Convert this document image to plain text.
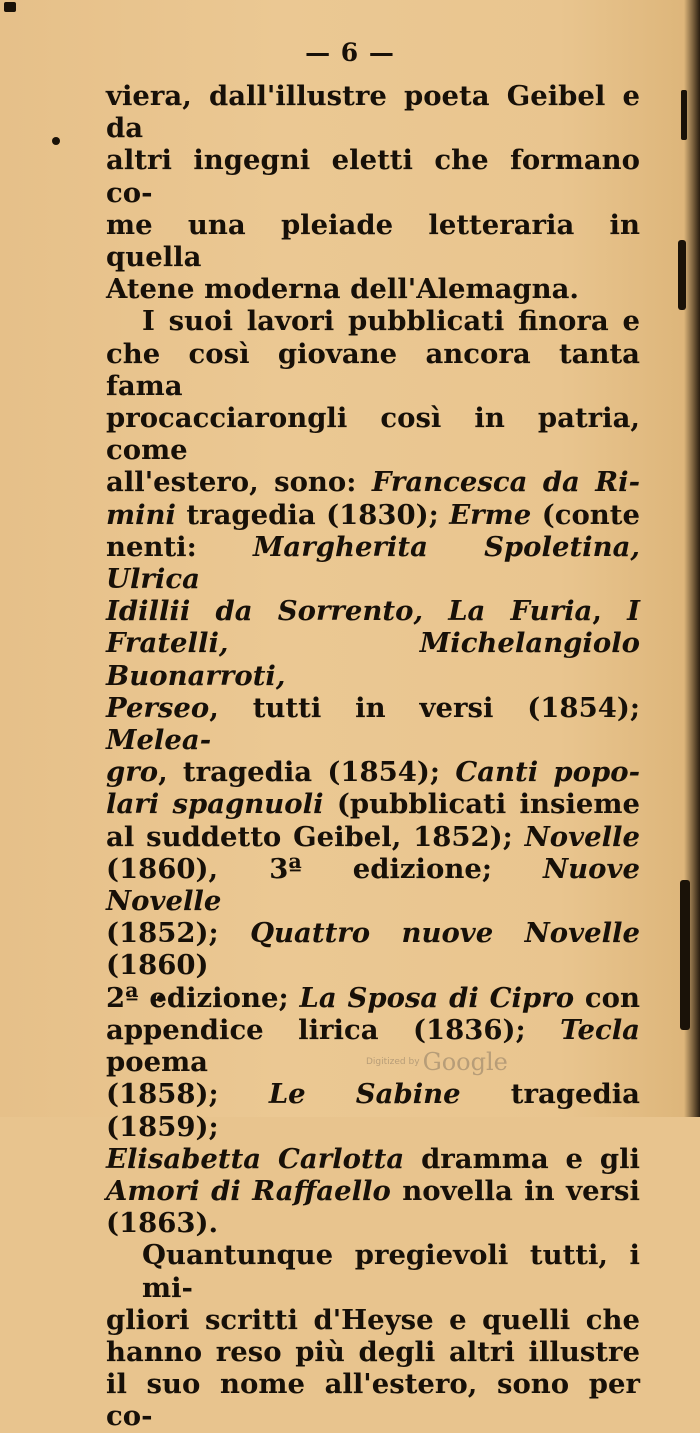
— 6 —
viera, dall'illustre poeta Geibel e da
altri ingegni eletti che formano co-
me una pleiade letteraria in quella
Atene moderna dell'Alemagna.
I suoi lavori pubblicati finora e
che così giovane ancora tanta fama
procacciarongli così in patria, come
all'estero, sono: Francesca da Ri-
mini tragedia (1830); Erme (conte
nenti: Margherita Spoletina, Ulrica
Idillii da Sorrento, La Furia, I
Fratelli, Michelangiolo Buonarroti,
Perseo, tutti in versi (1854); Melea-
gro, tragedia (1854); Canti popo-
lari spagnuoli (pubblicati insieme
al suddetto Geibel, 1852); Novelle
(1860), 3ª edizione; Nuove Novelle
(1852); Quattro nuove Novelle (1860)
2ª edizione; La Sposa di Cipro con
appendice lirica (1836); Tecla poema
(1858); Le Sabine tragedia (1859);
Elisabetta Carlotta dramma e gli
Amori di Raffaello novella in versi
(1863).
Quantunque pregievoli tutti, i mi-
gliori scritti d'Heyse e quelli che
hanno reso più degli altri illustre
il suo nome all'estero, sono per co-
Digitized by Google
